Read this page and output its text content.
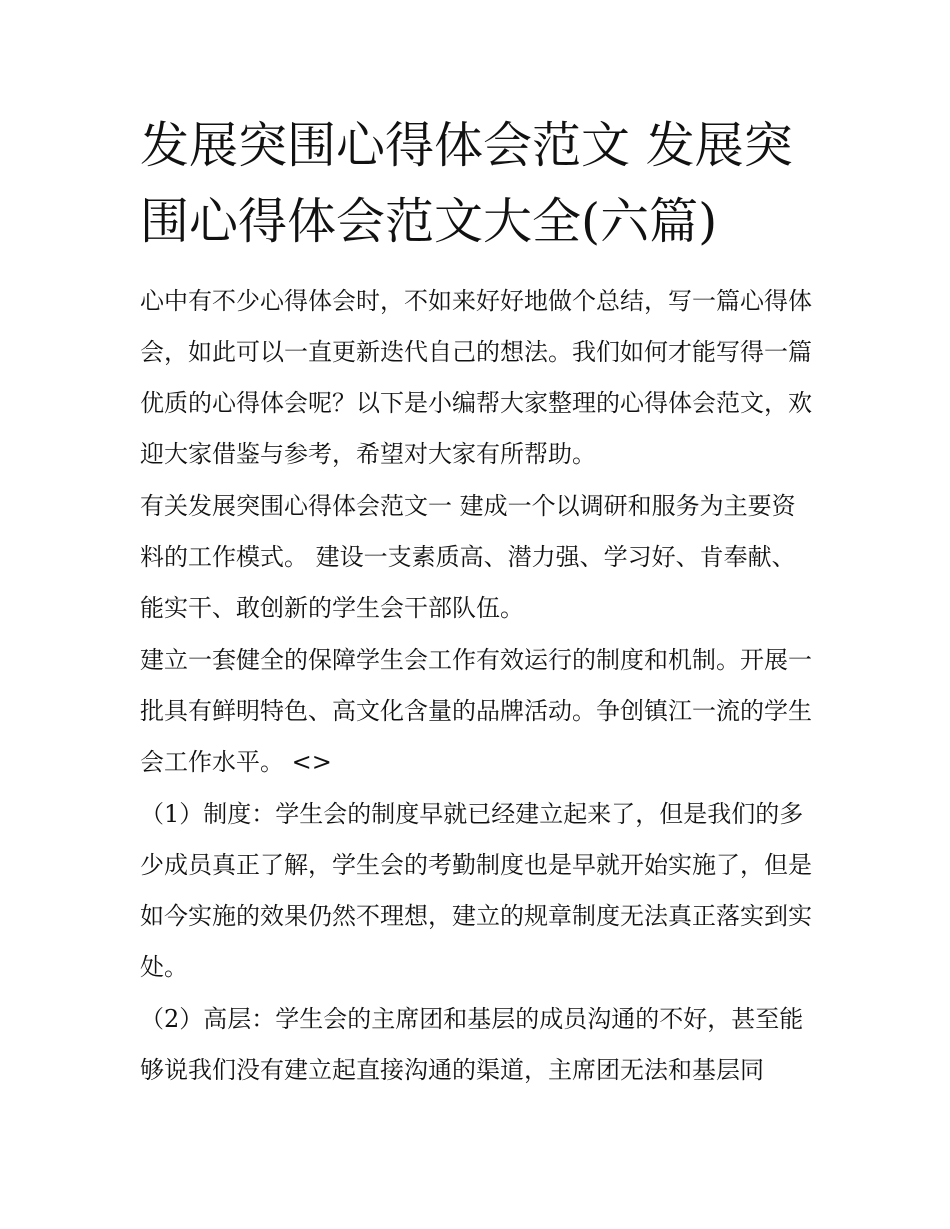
发展突围心得体会范文 发展突围心得体会范文大全(六篇)

心中有不少心得体会时，不如来好好地做个总结，写一篇心得体会，如此可以一直更新迭代自己的想法。我们如何才能写得一篇优质的心得体会呢？以下是小编帮大家整理的心得体会范文，欢迎大家借鉴与参考，希望对大家有所帮助。

有关发展突围心得体会范文一 建成一个以调研和服务为主要资料的工作模式。 建设一支素质高、潜力强、学习好、肯奉献、能实干、敢创新的学生会干部队伍。

建立一套健全的保障学生会工作有效运行的制度和机制。开展一批具有鲜明特色、高文化含量的品牌活动。争创镇江一流的学生会工作水平。 <>

（1）制度：学生会的制度早就已经建立起来了，但是我们的多少成员真正了解，学生会的考勤制度也是早就开始实施了，但是如今实施的效果仍然不理想，建立的规章制度无法真正落实到实处。

（2）高层：学生会的主席团和基层的成员沟通的不好，甚至能够说我们没有建立起直接沟通的渠道，主席团无法和基层同
